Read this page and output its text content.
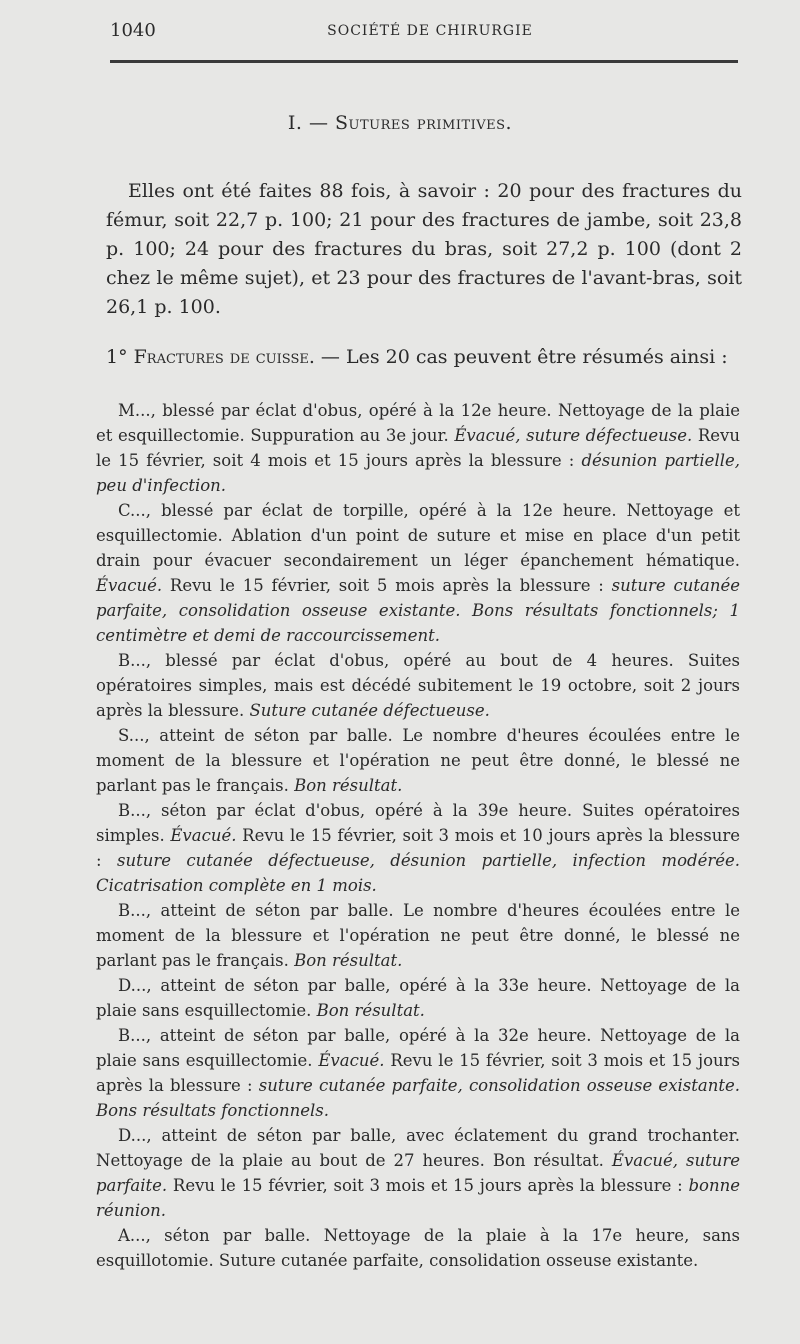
1040	SOCIÉTÉ DE CHIRURGIE
I. — Sutures primitives.

Elles ont été faites 88 fois, à savoir : 20 pour des fractures du fémur, soit 22,7 p. 100; 21 pour des fractures de jambe, soit 23,8 p. 100; 24 pour des fractures du bras, soit 27,2 p. 100 (dont 2 chez le même sujet), et 23 pour des fractures de l'avant-bras, soit 26,1 p. 100.

1° Fractures de cuisse. — Les 20 cas peuvent être résumés ainsi :

M..., blessé par éclat d'obus, opéré à la 12e heure. Nettoyage de la plaie et esquillectomie. Suppuration au 3e jour. Évacué, suture défectueuse. Revu le 15 février, soit 4 mois et 15 jours après la blessure : désunion partielle, peu d'infection.

C..., blessé par éclat de torpille, opéré à la 12e heure. Nettoyage et esquillectomie. Ablation d'un point de suture et mise en place d'un petit drain pour évacuer secondairement un léger épanchement hématique. Évacué. Revu le 15 février, soit 5 mois après la blessure : suture cutanée parfaite, consolidation osseuse existante. Bons résultats fonctionnels; 1 centimètre et demi de raccourcissement.

B..., blessé par éclat d'obus, opéré au bout de 4 heures. Suites opératoires simples, mais est décédé subitement le 19 octobre, soit 2 jours après la blessure. Suture cutanée défectueuse.

S..., atteint de séton par balle. Le nombre d'heures écoulées entre le moment de la blessure et l'opération ne peut être donné, le blessé ne parlant pas le français. Bon résultat.

B..., séton par éclat d'obus, opéré à la 39e heure. Suites opératoires simples. Évacué. Revu le 15 février, soit 3 mois et 10 jours après la blessure : suture cutanée défectueuse, désunion partielle, infection modérée. Cicatrisation complète en 1 mois.

B..., atteint de séton par balle. Le nombre d'heures écoulées entre le moment de la blessure et l'opération ne peut être donné, le blessé ne parlant pas le français. Bon résultat.

D..., atteint de séton par balle, opéré à la 33e heure. Nettoyage de la plaie sans esquillectomie. Bon résultat.

B..., atteint de séton par balle, opéré à la 32e heure. Nettoyage de la plaie sans esquillectomie. Évacué. Revu le 15 février, soit 3 mois et 15 jours après la blessure : suture cutanée parfaite, consolidation osseuse existante. Bons résultats fonctionnels.

D..., atteint de séton par balle, avec éclatement du grand trochanter. Nettoyage de la plaie au bout de 27 heures. Bon résultat. Évacué, suture parfaite. Revu le 15 février, soit 3 mois et 15 jours après la blessure : bonne réunion.

A..., séton par balle. Nettoyage de la plaie à la 17e heure, sans esquillotomie. Suture cutanée parfaite, consolidation osseuse existante.
